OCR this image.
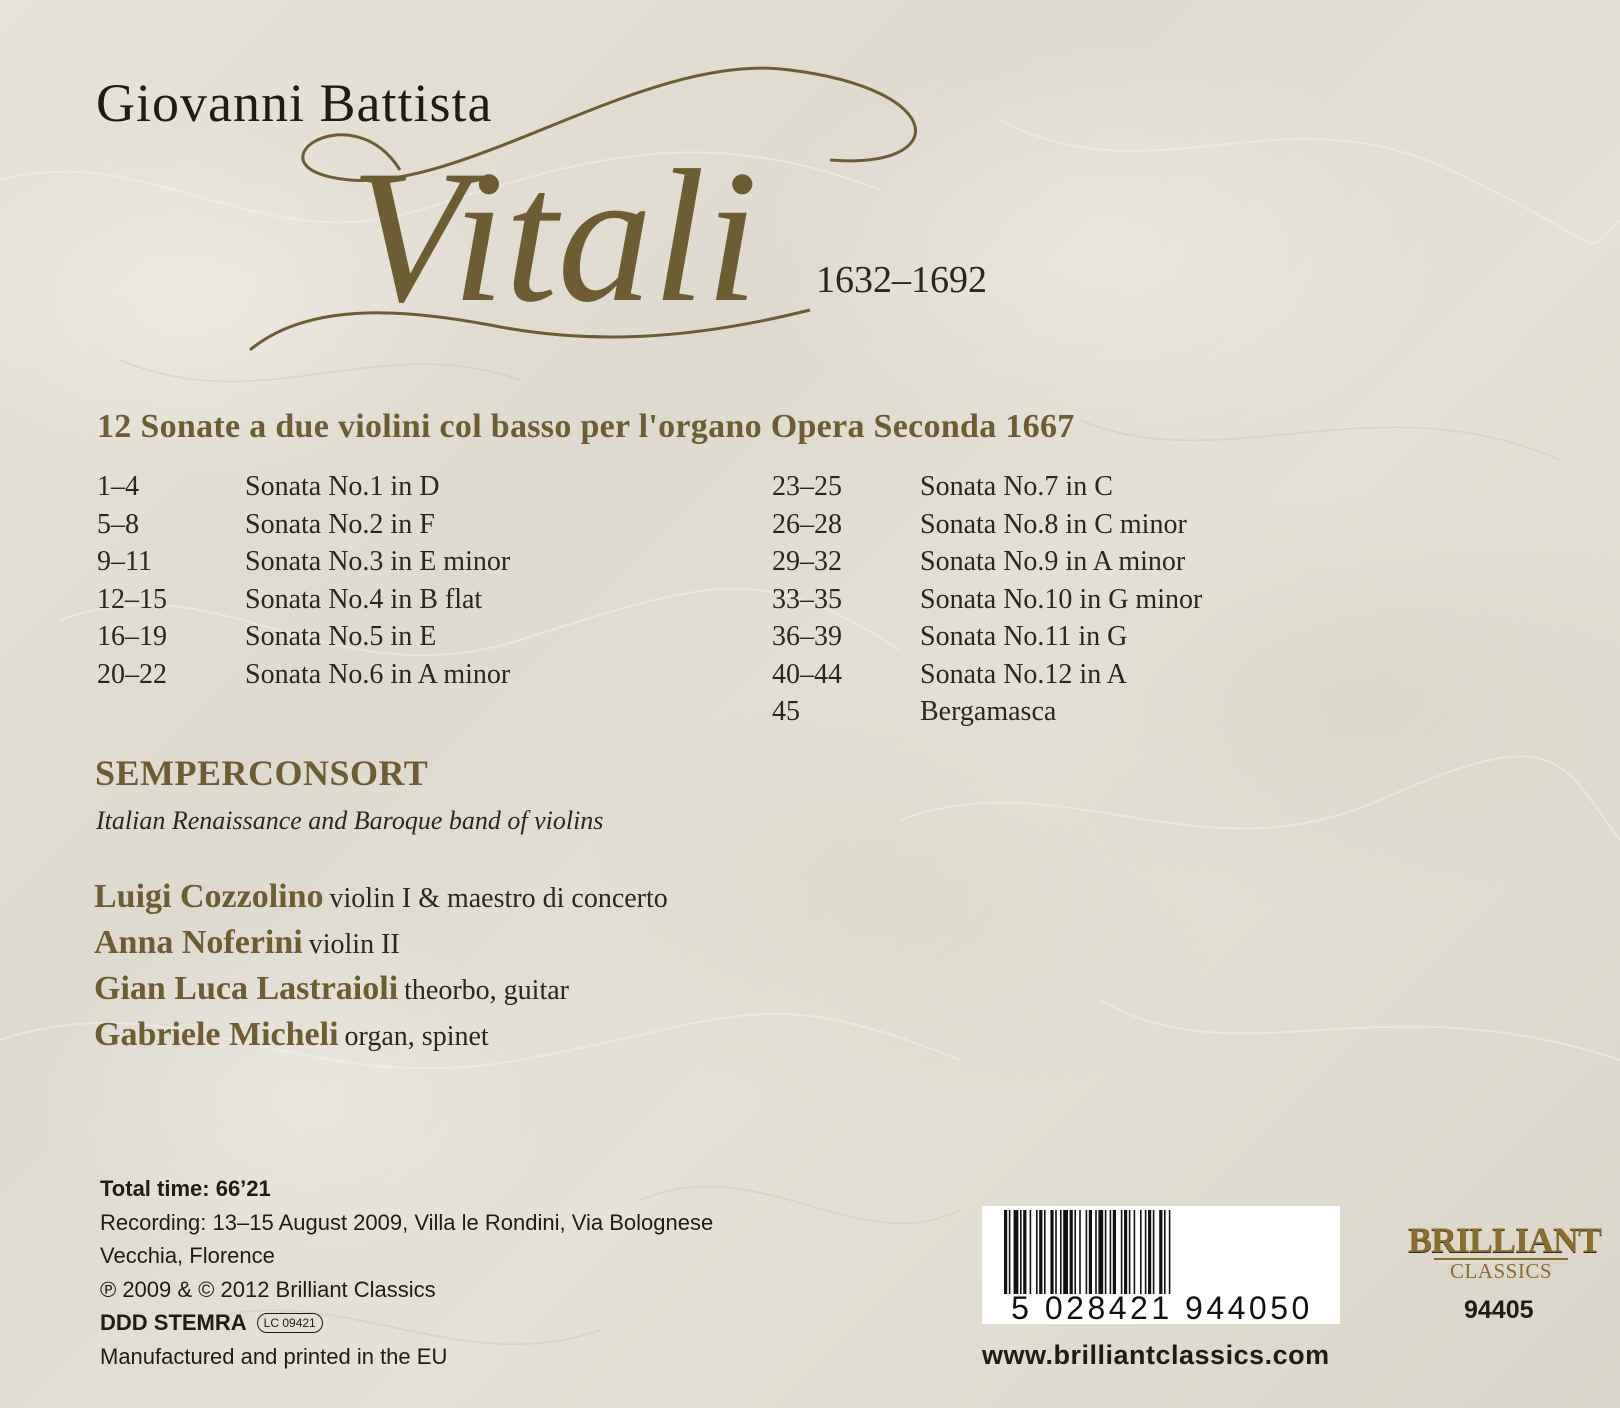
Giovanni Battista
Vitali 1632–1692
12 Sonate a due violini col basso per l'organo Opera Seconda 1667
1–4	Sonata No.1 in D
5–8	Sonata No.2 in F
9–11	Sonata No.3 in E minor
12–15	Sonata No.4 in B flat
16–19	Sonata No.5 in E
20–22	Sonata No.6 in A minor
23–25	Sonata No.7 in C
26–28	Sonata No.8 in C minor
29–32	Sonata No.9 in A minor
33–35	Sonata No.10 in G minor
36–39	Sonata No.11 in G
40–44	Sonata No.12 in A
45	Bergamasca
SEMPERCONSORT
Italian Renaissance and Baroque band of violins
Luigi Cozzolino violin I & maestro di concerto
Anna Noferini violin II
Gian Luca Lastraioli theorbo, guitar
Gabriele Micheli organ, spinet
Total time: 66’21
Recording: 13–15 August 2009, Villa le Rondini, Via Bolognese
Vecchia, Florence
℗ 2009 & © 2012 Brilliant Classics
DDD STEMRA LC 09421
Manufactured and printed in the EU
5 028421 944050
www.brilliantclassics.com
BRILLIANT
CLASSICS
94405
